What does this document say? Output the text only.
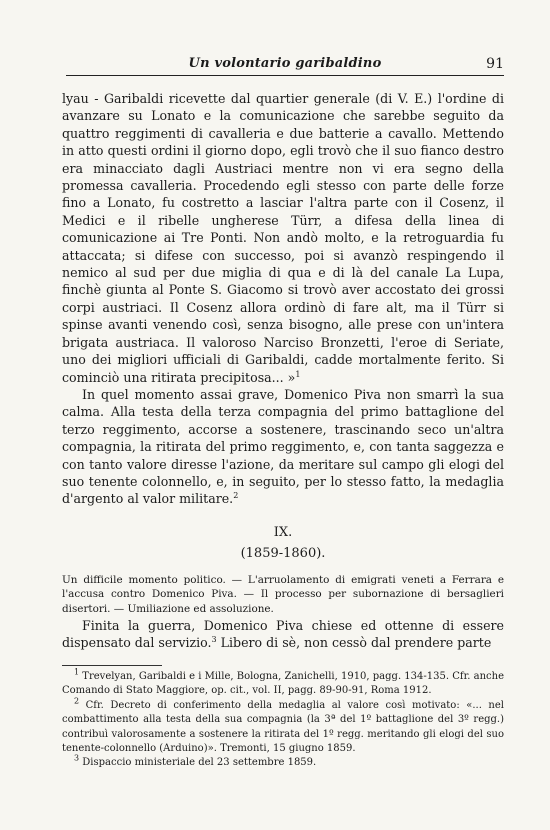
Un volontario garibaldino	91

lyau - Garibaldi ricevette dal quartier generale (di V. E.) l'ordine di avanzare su Lonato e la comunicazione che sarebbe seguito da quattro reggimenti di cavalleria e due batterie a cavallo. Mettendo in atto questi ordini il giorno dopo, egli trovò che il suo fianco destro era minacciato dagli Austriaci mentre non vi era segno della promessa cavalleria. Procedendo egli stesso con parte delle forze fino a Lonato, fu costretto a lasciar l'altra parte con il Cosenz, il Medici e il ribelle ungherese Türr, a difesa della linea di comunicazione ai Tre Ponti. Non andò molto, e la retroguardia fu attaccata; si difese con successo, poi si avanzò respingendo il nemico al sud per due miglia di qua e di là del canale La Lupa, finchè giunta al Ponte S. Giacomo si trovò aver accostato dei grossi corpi austriaci. Il Cosenz allora ordinò di fare alt, ma il Türr si spinse avanti venendo così, senza bisogno, alle prese con un'intera brigata austriaca. Il valoroso Narciso Bronzetti, l'eroe di Seriate, uno dei migliori ufficiali di Garibaldi, cadde mortalmente ferito. Si cominciò una ritirata precipitosa... »$^1$

In quel momento assai grave, Domenico Piva non smarrì la sua calma. Alla testa della terza compagnia del primo battaglione del terzo reggimento, accorse a sostenere, trascinando seco un'altra compagnia, la ritirata del primo reggimento, e, con tanta saggezza e con tanto valore diresse l'azione, da meritare sul campo gli elogi del suo tenente colonnello, e, in seguito, per lo stesso fatto, la medaglia d'argento al valor militare.$^2$

IX.
(1859-1860).

Un difficile momento politico. — L'arruolamento di emigrati veneti a Ferrara e l'accusa contro Domenico Piva. — Il processo per subornazione di bersaglieri disertori. — Umiliazione ed assoluzione.

Finita la guerra, Domenico Piva chiese ed ottenne di essere dispensato dal servizio.$^3$ Libero di sè, non cessò dal prendere parte

$^1$ Trevelyan, Garibaldi e i Mille, Bologna, Zanichelli, 1910, pagg. 134-135. Cfr. anche Comando di Stato Maggiore, op. cit., vol. II, pagg. 89-90-91, Roma 1912.

$^2$ Cfr. Decreto di conferimento della medaglia al valore così motivato: «... nel combattimento alla testa della sua compagnia (la 3ª del 1º battaglione del 3º regg.) contribuì valorosamente a sostenere la ritirata del 1º regg. meritando gli elogi del suo tenente-colonnello (Arduino)». Tremonti, 15 giugno 1859.

$^3$ Dispaccio ministeriale del 23 settembre 1859.
